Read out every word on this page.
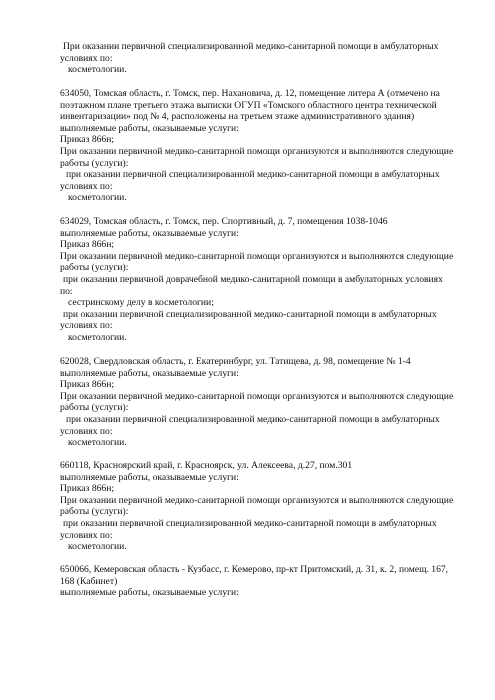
При оказании первичной специализированной медико-санитарной помощи в амбулаторных
условиях по:
косметологии.
634050, Томская область, г. Томск, пер. Нахановича, д. 12, помещение литера А (отмечено на
поэтажном плане третьего этажа выписки ОГУП «Томского областного центра технической
инвентаризации» под № 4, расположены на третьем этаже административного здания)
выполняемые работы, оказываемые услуги:
Приказ 866н;
При оказании первичной медико-санитарной помощи организуются и выполняются следующие
работы (услуги):
при оказании первичной специализированной медико-санитарной помощи в амбулаторных
условиях по:
косметологии.
634029, Томская область, г. Томск, пер. Спортивный, д. 7, помещения 1038-1046
выполняемые работы, оказываемые услуги:
Приказ 866н;
При оказании первичной медико-санитарной помощи организуются и выполняются следующие
работы (услуги):
при оказании первичной доврачебной медико-санитарной помощи в амбулаторных условиях
по:
сестринскому делу в косметологии;
при оказании первичной специализированной медико-санитарной помощи в амбулаторных
условиях по:
косметологии.
620028, Свердловская область, г. Екатеринбург, ул. Татищева, д. 98, помещение № 1-4
выполняемые работы, оказываемые услуги:
Приказ 866н;
При оказании первичной медико-санитарной помощи организуются и выполняются следующие
работы (услуги):
при оказании первичной специализированной медико-санитарной помощи в амбулаторных
условиях по:
косметологии.
660118, Красноярский край, г. Красноярск, ул. Алексеева, д.27, пом.301
выполняемые работы, оказываемые услуги:
Приказ 866н;
При оказании первичной медико-санитарной помощи организуются и выполняются следующие
работы (услуги):
при оказании первичной специализированной медико-санитарной помощи в амбулаторных
условиях по:
косметологии.
650066, Кемеровская область - Кузбасс, г. Кемерово, пр-кт Притомский, д. 31, к. 2, помещ. 167,
168 (Кабинет)
выполняемые работы, оказываемые услуги:
